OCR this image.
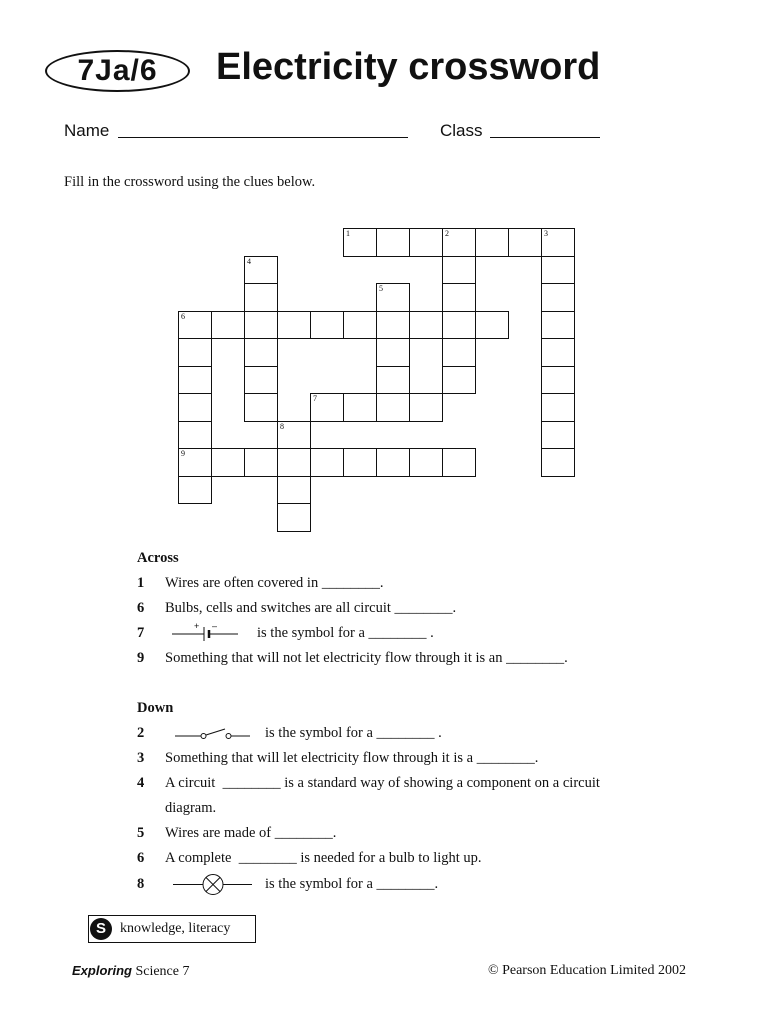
7Ja/6 Electricity crossword
Name	Class
Fill in the crossword using the clues below.
1	2	3
4
5
6
9
7
8
Across
1	Wires are often covered in ________.
6	Bulbs, cells and switches are all circuit ________.
7	+ –	is the symbol for a ________ .
9	Something that will not let electricity flow through it is an ________.
Down
2	is the symbol for a ________ .
3	Something that will let electricity flow through it is a ________.
4	A circuit  ________ is a standard way of showing a component on a circuit
diagram.
5	Wires are made of ________.
6	A complete  ________ is needed for a bulb to light up.
8	is the symbol for a ________.
S	knowledge, literacy
Exploring Science 7	© Pearson Education Limited 2002
